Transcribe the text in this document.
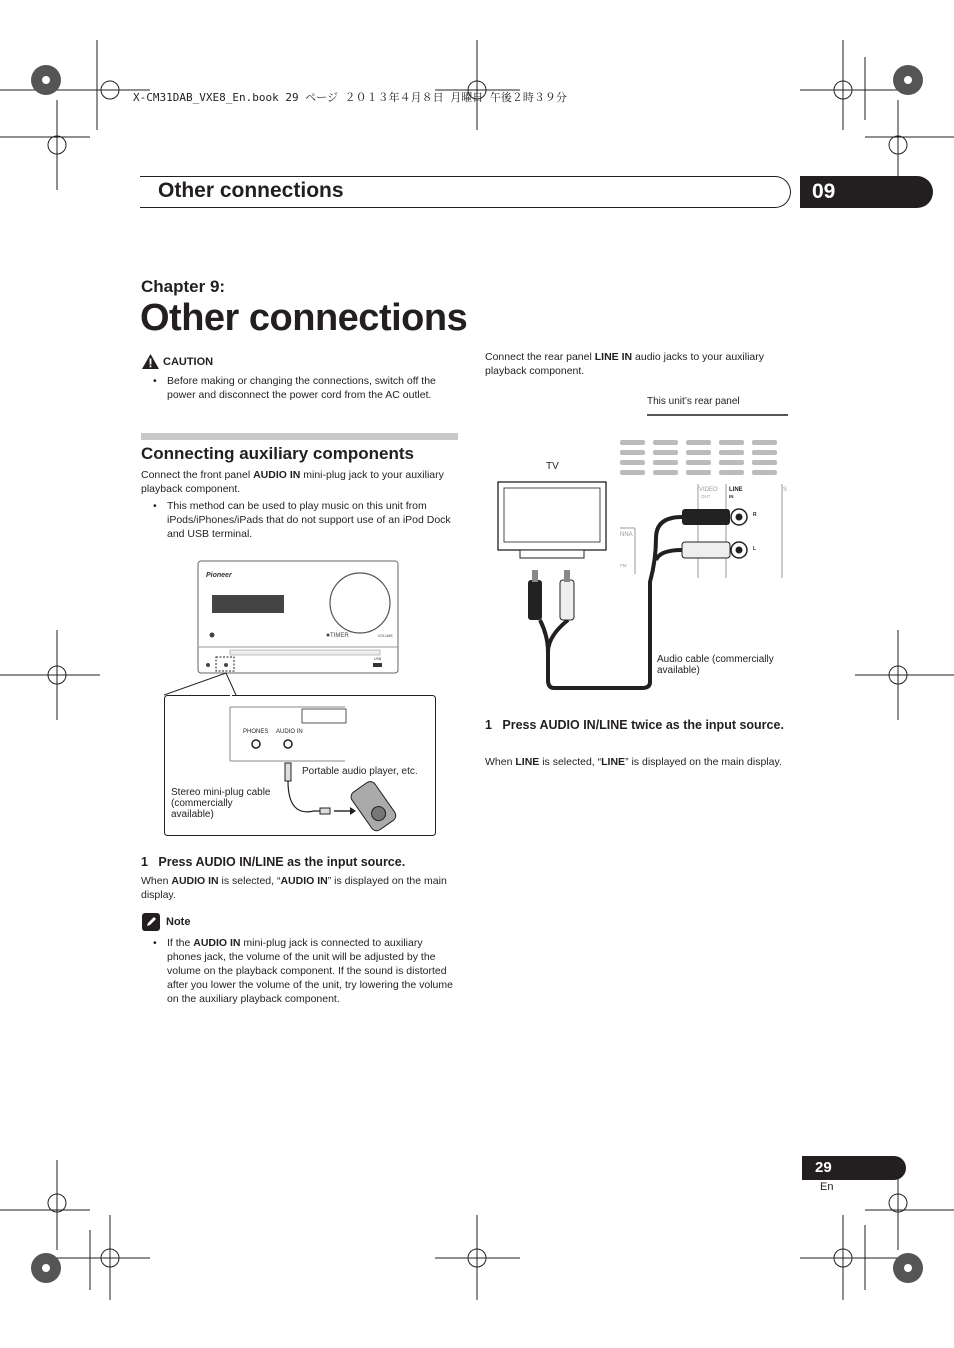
X-CM31DAB_VXE8_En.book 29 ページ ２０１３年４月８日 月曜日 午後２時３９分
Other connections	09
Chapter 9:
Other connections
CAUTION
• Before making or changing the connections, switch off the power and disconnect the power cord from the AC outlet.
Connecting auxiliary components
Connect the front panel AUDIO IN mini-plug jack to your auxiliary playback component.
• This method can be used to play music on this unit from iPods/iPhones/iPads that do not support use of an iPod Dock and USB terminal.
Pioneer
TIMER	VOLUME
USB
PHONES AUDIO IN
Portable audio player, etc.
Stereo mini-plug cable (commercially available)
1 Press AUDIO IN/LINE as the input source.
When AUDIO IN is selected, “AUDIO IN” is displayed on the main display.
Note
• If the AUDIO IN mini-plug jack is connected to auxiliary phones jack, the volume of the unit will be adjusted by the volume on the playback component. If the sound is distorted after you lower the volume of the unit, try lowering the volume on the auxiliary playback component.
Connect the rear panel LINE IN audio jacks to your auxiliary playback component.
This unit’s rear panel
TV
VIDEO
OUT
LINE
IN
S
R
L
NNA
FM
Audio cable (commercially available)
1 Press AUDIO IN/LINE twice as the input source.
When LINE is selected, “LINE” is displayed on the main display.
29
En
